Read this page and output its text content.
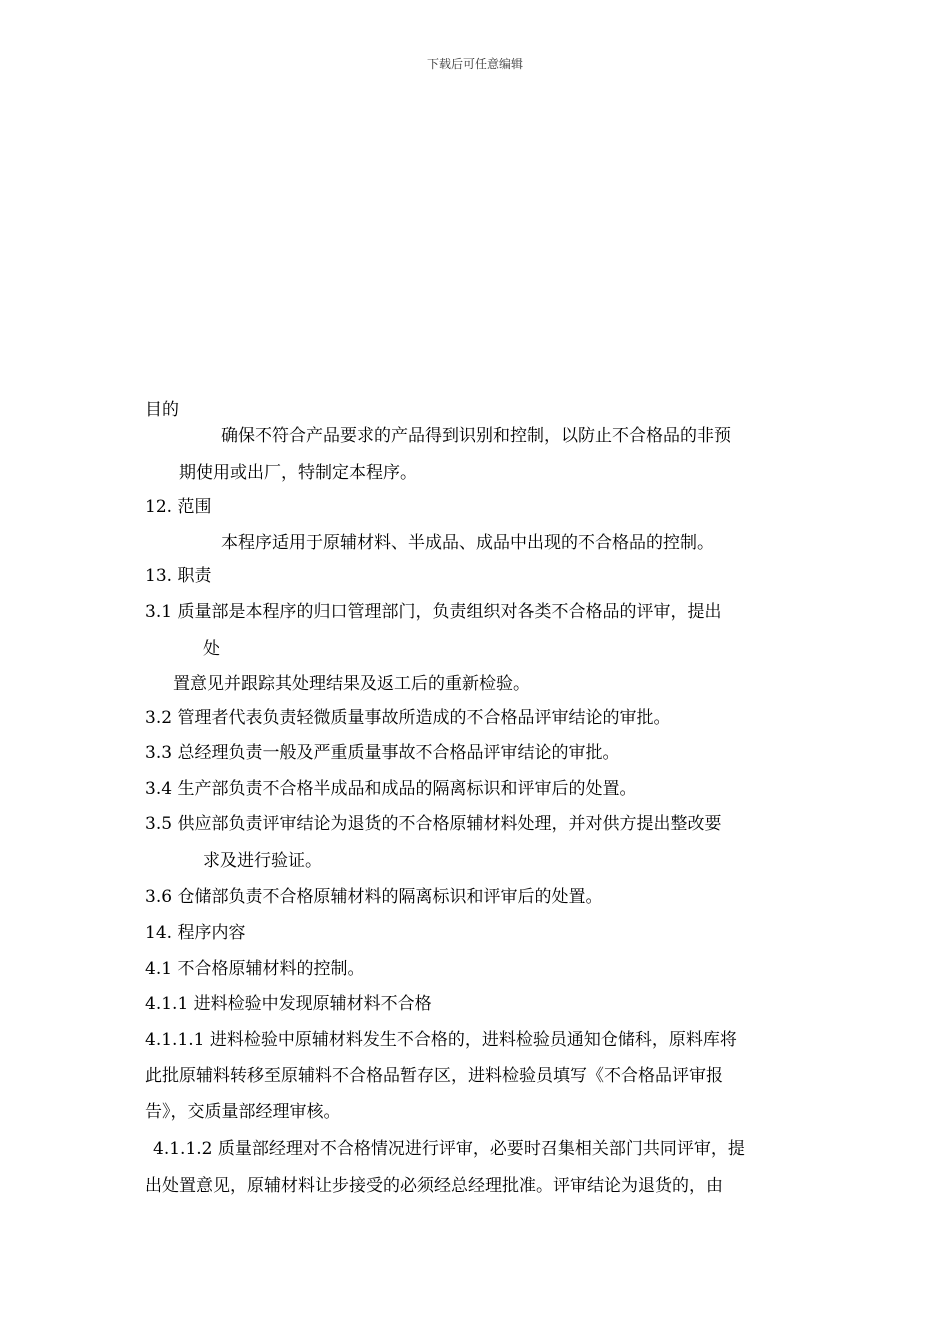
下载后可任意编辑
目的
确保不符合产品要求的产品得到识别和控制，以防止不合格品的非预
期使用或出厂，特制定本程序。
12. 范围
本程序适用于原辅材料、半成品、成品中出现的不合格品的控制。
13. 职责
3.1 质量部是本程序的归口管理部门，负责组织对各类不合格品的评审，提出
处
置意见并跟踪其处理结果及返工后的重新检验。
3.2 管理者代表负责轻微质量事故所造成的不合格品评审结论的审批。
3.3 总经理负责一般及严重质量事故不合格品评审结论的审批。
3.4 生产部负责不合格半成品和成品的隔离标识和评审后的处置。
3.5 供应部负责评审结论为退货的不合格原辅材料处理，并对供方提出整改要
求及进行验证。
3.6 仓储部负责不合格原辅材料的隔离标识和评审后的处置。
14. 程序内容
4.1 不合格原辅材料的控制。
4.1.1 进料检验中发现原辅材料不合格
4.1.1.1 进料检验中原辅材料发生不合格的，进料检验员通知仓储科，原料库将
此批原辅料转移至原辅料不合格品暂存区，进料检验员填写《不合格品评审报
告》，交质量部经理审核。
4.1.1.2 质量部经理对不合格情况进行评审，必要时召集相关部门共同评审，提
出处置意见，原辅材料让步接受的必须经总经理批准。评审结论为退货的，由
